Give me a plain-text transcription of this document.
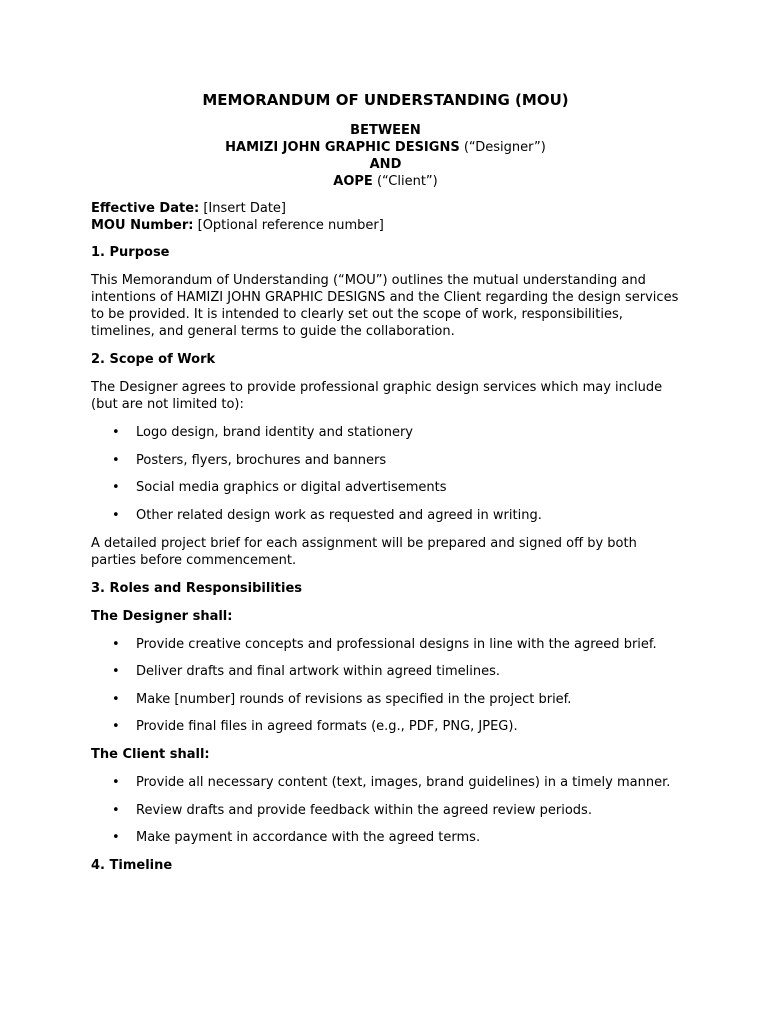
MEMORANDUM OF UNDERSTANDING (MOU)
BETWEEN
HAMIZI JOHN GRAPHIC DESIGNS (“Designer”)
AND
AOPE (“Client”)
Effective Date: [Insert Date]
MOU Number: [Optional reference number]
1. Purpose
This Memorandum of Understanding (“MOU”) outlines the mutual understanding and intentions of HAMIZI JOHN GRAPHIC DESIGNS and the Client regarding the design services to be provided. It is intended to clearly set out the scope of work, responsibilities, timelines, and general terms to guide the collaboration.
2. Scope of Work
The Designer agrees to provide professional graphic design services which may include (but are not limited to):
• Logo design, brand identity and stationery
• Posters, flyers, brochures and banners
• Social media graphics or digital advertisements
• Other related design work as requested and agreed in writing.
A detailed project brief for each assignment will be prepared and signed off by both parties before commencement.
3. Roles and Responsibilities
The Designer shall:
• Provide creative concepts and professional designs in line with the agreed brief.
• Deliver drafts and final artwork within agreed timelines.
• Make [number] rounds of revisions as specified in the project brief.
• Provide final files in agreed formats (e.g., PDF, PNG, JPEG).
The Client shall:
• Provide all necessary content (text, images, brand guidelines) in a timely manner.
• Review drafts and provide feedback within the agreed review periods.
• Make payment in accordance with the agreed terms.
4. Timeline
